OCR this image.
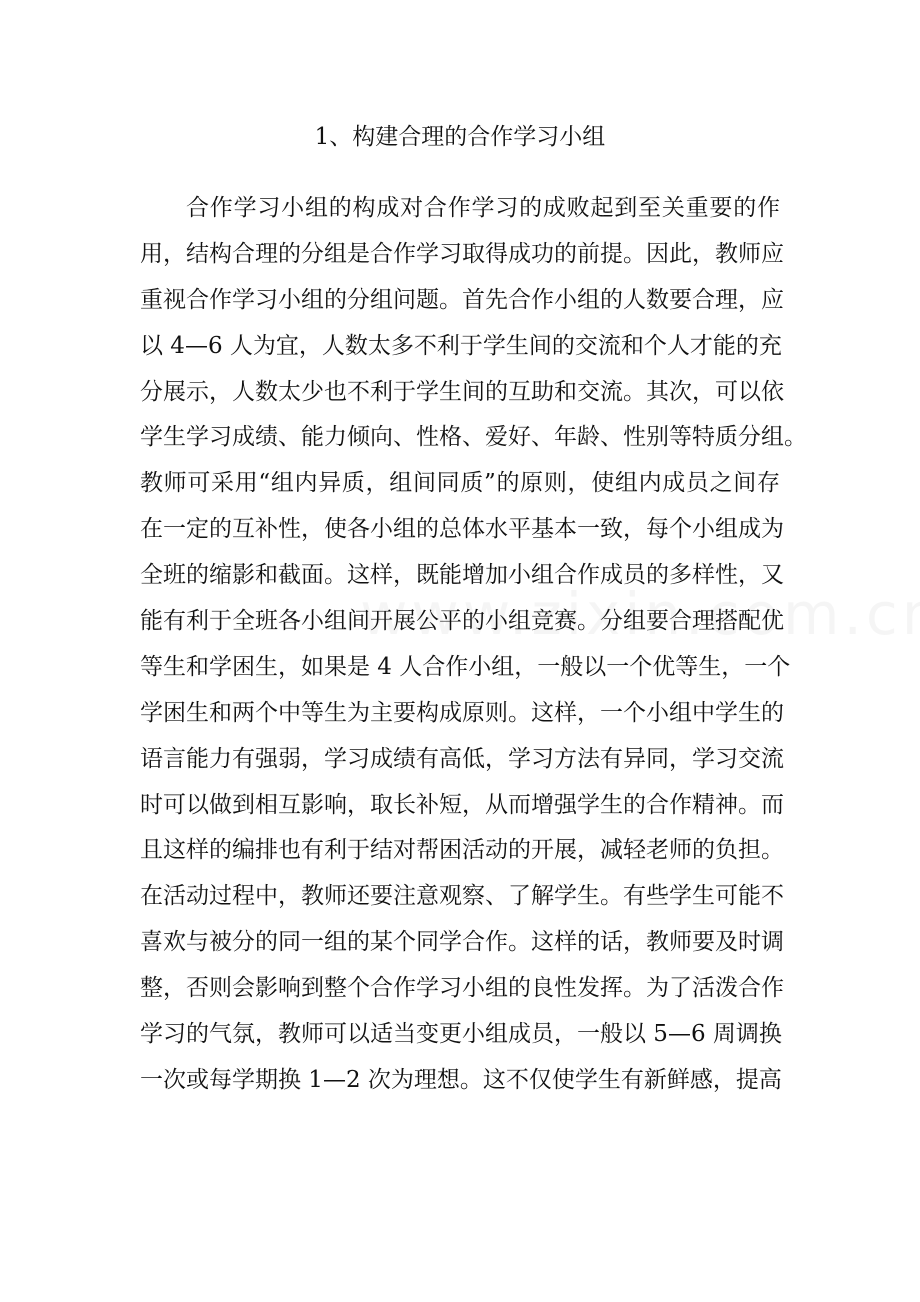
1、构建合理的合作学习小组
合作学习小组的构成对合作学习的成败起到至关重要的作
用，结构合理的分组是合作学习取得成功的前提。因此，教师应
重视合作学习小组的分组问题。首先合作小组的人数要合理，应
以 4—6 人为宜，人数太多不利于学生间的交流和个人才能的充
分展示，人数太少也不利于学生间的互助和交流。其次，可以依
学生学习成绩、能力倾向、性格、爱好、年龄、性别等特质分组。
教师可采用“组内异质，组间同质”的原则，使组内成员之间存
在一定的互补性，使各小组的总体水平基本一致，每个小组成为
全班的缩影和截面。这样，既能增加小组合作成员的多样性，又
能有利于全班各小组间开展公平的小组竞赛。分组要合理搭配优
等生和学困生，如果是 4 人合作小组，一般以一个优等生，一个
学困生和两个中等生为主要构成原则。这样，一个小组中学生的
语言能力有强弱，学习成绩有高低，学习方法有异同，学习交流
时可以做到相互影响，取长补短，从而增强学生的合作精神。而
且这样的编排也有利于结对帮困活动的开展，减轻老师的负担。
在活动过程中，教师还要注意观察、了解学生。有些学生可能不
喜欢与被分的同一组的某个同学合作。这样的话，教师要及时调
整，否则会影响到整个合作学习小组的良性发挥。为了活泼合作
学习的气氛，教师可以适当变更小组成员，一般以 5—6 周调换
一次或每学期换 1—2 次为理想。这不仅使学生有新鲜感，提高
